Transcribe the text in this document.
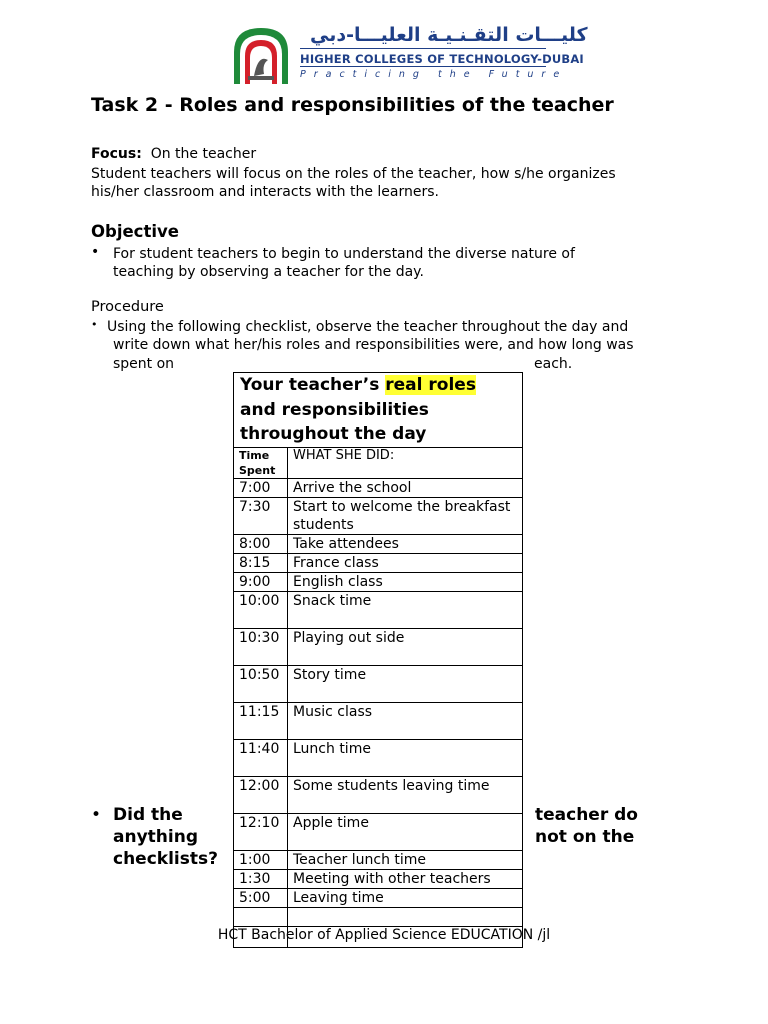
كليـــات التقـنـيـة العليـــا-دبي
HIGHER COLLEGES OF TECHNOLOGY-DUBAI
Practicing the Future
Task 2 - Roles and responsibilities of the teacher
Focus: On the teacher
Student teachers will focus on the roles of the teacher, how s/he organizes
his/her classroom and interacts with the learners.
Objective
• For student teachers to begin to understand the diverse nature of
teaching by observing a teacher for the day.
Procedure
• Using the following checklist, observe the teacher throughout the day and
write down what her/his roles and responsibilities were, and how long was
spent on	each.
• Did the
anything
checklists?
teacher do
not on the
Your teacher’s real roles
and responsibilities
throughout the day	

Time Spent	WHAT SHE DID:

7:00	Arrive the school
7:30	Start to welcome the breakfast students
8:00	Take attendees
8:15	France class
9:00	English class
10:00	Snack time
10:30	Playing out side
10:50	Story time
11:15	Music class
11:40	Lunch time
12:00	Some students leaving time
12:10	Apple time
1:00	Teacher lunch time
1:30	Meeting with other teachers
5:00	Leaving time

HCT Bachelor of Applied Science EDUCATION /jl
